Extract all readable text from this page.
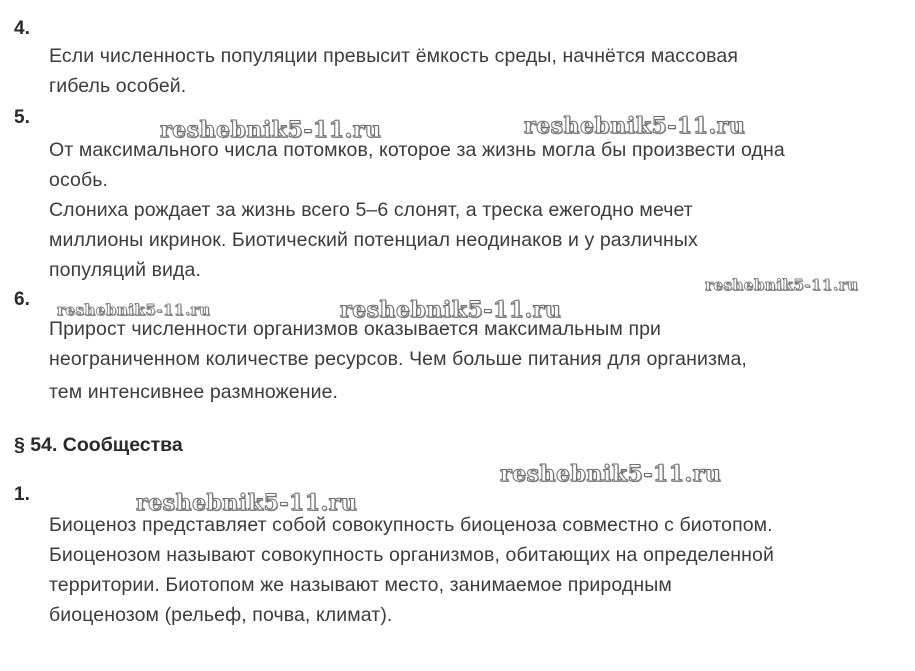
4.
Если численность популяции превысит ёмкость среды, начнётся массовая
гибель особей.
5.
От максимального числа потомков, которое за жизнь могла бы произвести одна
особь.
Слониха рождает за жизнь всего 5–6 слонят, а треска ежегодно мечет
миллионы икринок. Биотический потенциал неодинаков и у различных
популяций вида.
6.
Прирост численности организмов оказывается максимальным при
неограниченном количестве ресурсов. Чем больше питания для организма,
тем интенсивнее размножение.
§ 54. Сообщества
1.
Биоценоз представляет собой совокупность биоценоза совместно с биотопом.
Биоценозом называют совокупность организмов, обитающих на определенной
территории. Биотопом же называют место, занимаемое природным
биоценозом (рельеф, почва, климат).
reshebnik5-11.ru	reshebnik5-11.ru
reshebnik5-11.ru
reshebnik5-11.ru	reshebnik5-11.ru
reshebnik5-11.ru
reshebnik5-11.ru
